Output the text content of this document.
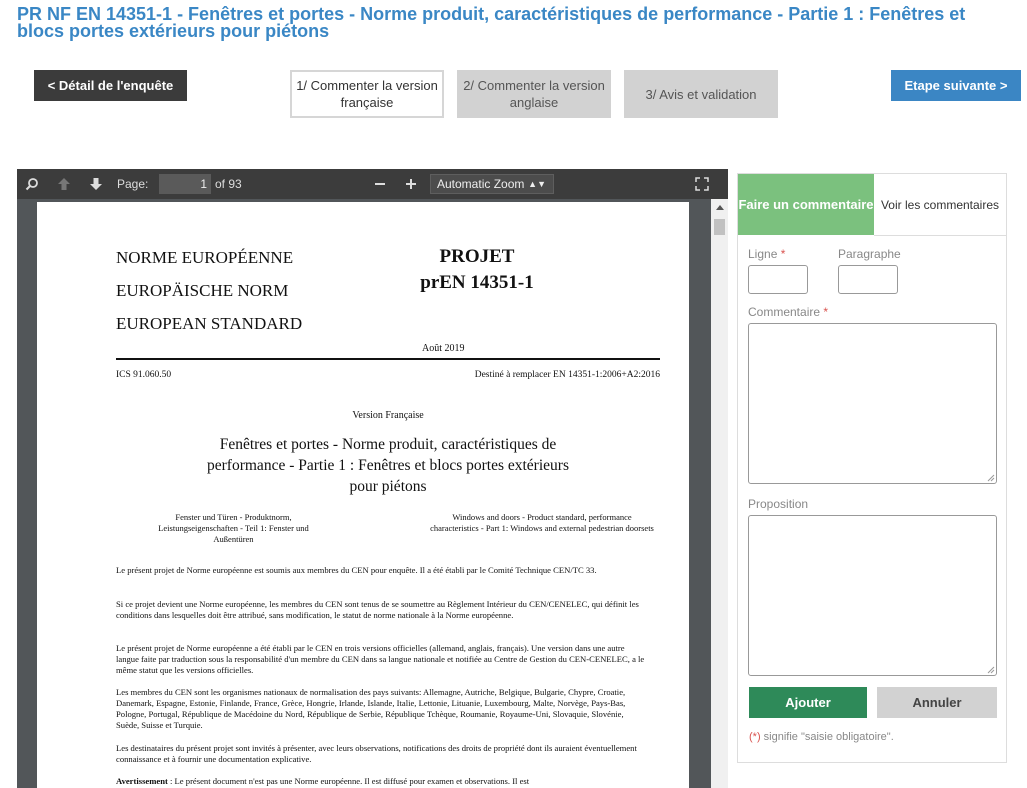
PR NF EN 14351-1 - Fenêtres et portes - Norme produit, caractéristiques de performance - Partie 1 : Fenêtres et blocs portes extérieurs pour piétons
< Détail de l'enquête	1/ Commenter la version française
2/ Commenter la version anglaise
3/ Avis et validation
Etape suivante >
Page:	1 of 93	Automatic Zoom ▲▼
NORME EUROPÉENNE
EUROPÄISCHE NORM
EUROPEAN STANDARD
PROJET
prEN 14351-1
Août 2019
ICS 91.060.50	Destiné à remplacer EN 14351-1:2006+A2:2016
Version Française
Fenêtres et portes - Norme produit, caractéristiques de
performance - Partie 1 : Fenêtres et blocs portes extérieurs
pour piétons
Fenster und Türen - Produktnorm, Leistungseigenschaften - Teil 1: Fenster und Außentüren
Windows and doors - Product standard, performance characteristics - Part 1: Windows and external pedestrian doorsets
Le présent projet de Norme européenne est soumis aux membres du CEN pour enquête. Il a été établi par le Comité Technique CEN/TC 33.
Si ce projet devient une Norme européenne, les membres du CEN sont tenus de se soumettre au Règlement Intérieur du CEN/CENELEC, qui définit les conditions dans lesquelles doit être attribué, sans modification, le statut de norme nationale à la Norme européenne.
Le présent projet de Norme européenne a été établi par le CEN en trois versions officielles (allemand, anglais, français). Une version dans une autre langue faite par traduction sous la responsabilité d'un membre du CEN dans sa langue nationale et notifiée au Centre de Gestion du CEN-CENELEC, a le même statut que les versions officielles.
Les membres du CEN sont les organismes nationaux de normalisation des pays suivants: Allemagne, Autriche, Belgique, Bulgarie, Chypre, Croatie, Danemark, Espagne, Estonie, Finlande, France, Grèce, Hongrie, Irlande, Islande, Italie, Lettonie, Lituanie, Luxembourg, Malte, Norvège, Pays-Bas, Pologne, Portugal, République de Macédoine du Nord, République de Serbie, République Tchèque, Roumanie, Royaume-Uni, Slovaquie, Slovénie, Suède, Suisse et Turquie.
Les destinataires du présent projet sont invités à présenter, avec leurs observations, notifications des droits de propriété dont ils auraient éventuellement connaissance et à fournir une documentation explicative.
Avertissement : Le présent document n'est pas une Norme européenne. Il est diffusé pour examen et observations. Il est
Faire un commentaire Voir les commentaires
Ligne *	Paragraphe
Commentaire *
Proposition
Ajouter	Annuler
(*) signifie "saisie obligatoire".
